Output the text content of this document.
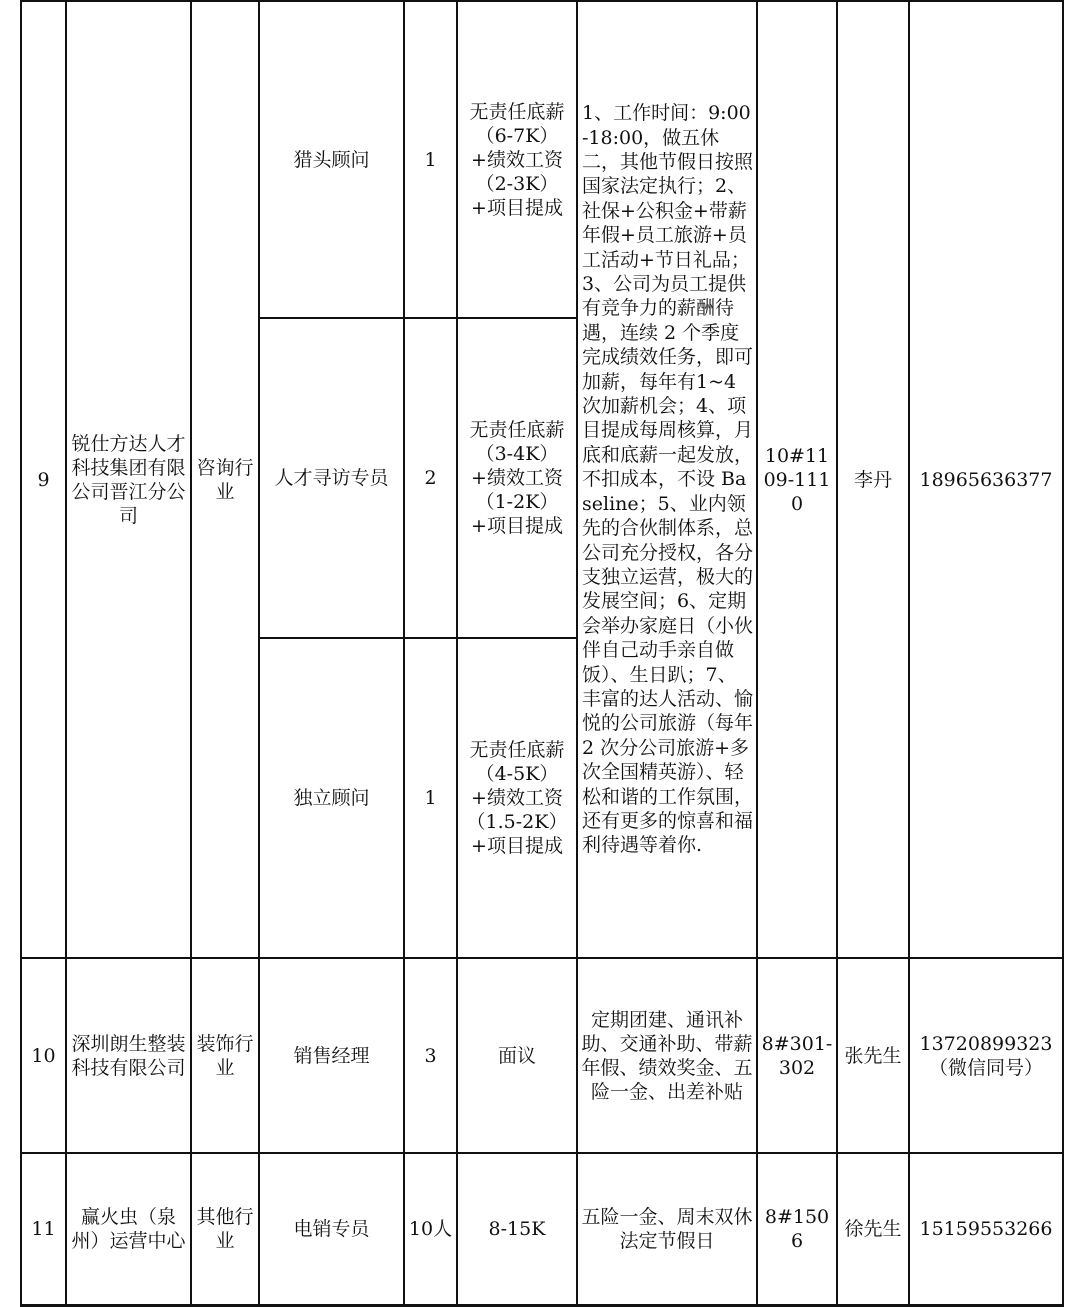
9	锐仕方达人才科技集团有限公司晋江分公司	咨询行业	猎头顾问	1	无责任底薪（6-7K）+绩效工资（2-3K）+项目提成	1、工作时间：9:00-18:00，做五休二，其他节假日按照国家法定执行；2、社保+公积金+带薪年假+员工旅游+员工活动+节日礼品；3、公司为员工提供有竞争力的薪酬待遇，连续 2 个季度完成绩效任务，即可加薪，每年有1~4 次加薪机会；4、项目提成每周核算，月底和底薪一起发放，不扣成本，不设 Baseline；5、业内领先的合伙制体系，总公司充分授权，各分支独立运营，极大的发展空间；6、定期会举办家庭日（小伙伴自己动手亲自做饭）、生日趴；7、丰富的达人活动、愉悦的公司旅游（每年 2 次分公司旅游+多次全国精英游）、轻松和谐的工作氛围，还有更多的惊喜和福利待遇等着你.	10#1109-1110	李丹	18965636377
			人才寻访专员	2	无责任底薪（3-4K）+绩效工资（1-2K）+项目提成				
			独立顾问	1	无责任底薪（4-5K）+绩效工资（1.5-2K）+项目提成				
10	深圳朗生整装科技有限公司	装饰行业	销售经理	3	面议	定期团建、通讯补助、交通补助、带薪年假、绩效奖金、五险一金、出差补贴	8#301-302	张先生	13720899323（微信同号）
11	赢火虫（泉州）运营中心	其他行业	电销专员	10人	8-15K	五险一金、周末双休 法定节假日	8#1506	徐先生	15159553266
